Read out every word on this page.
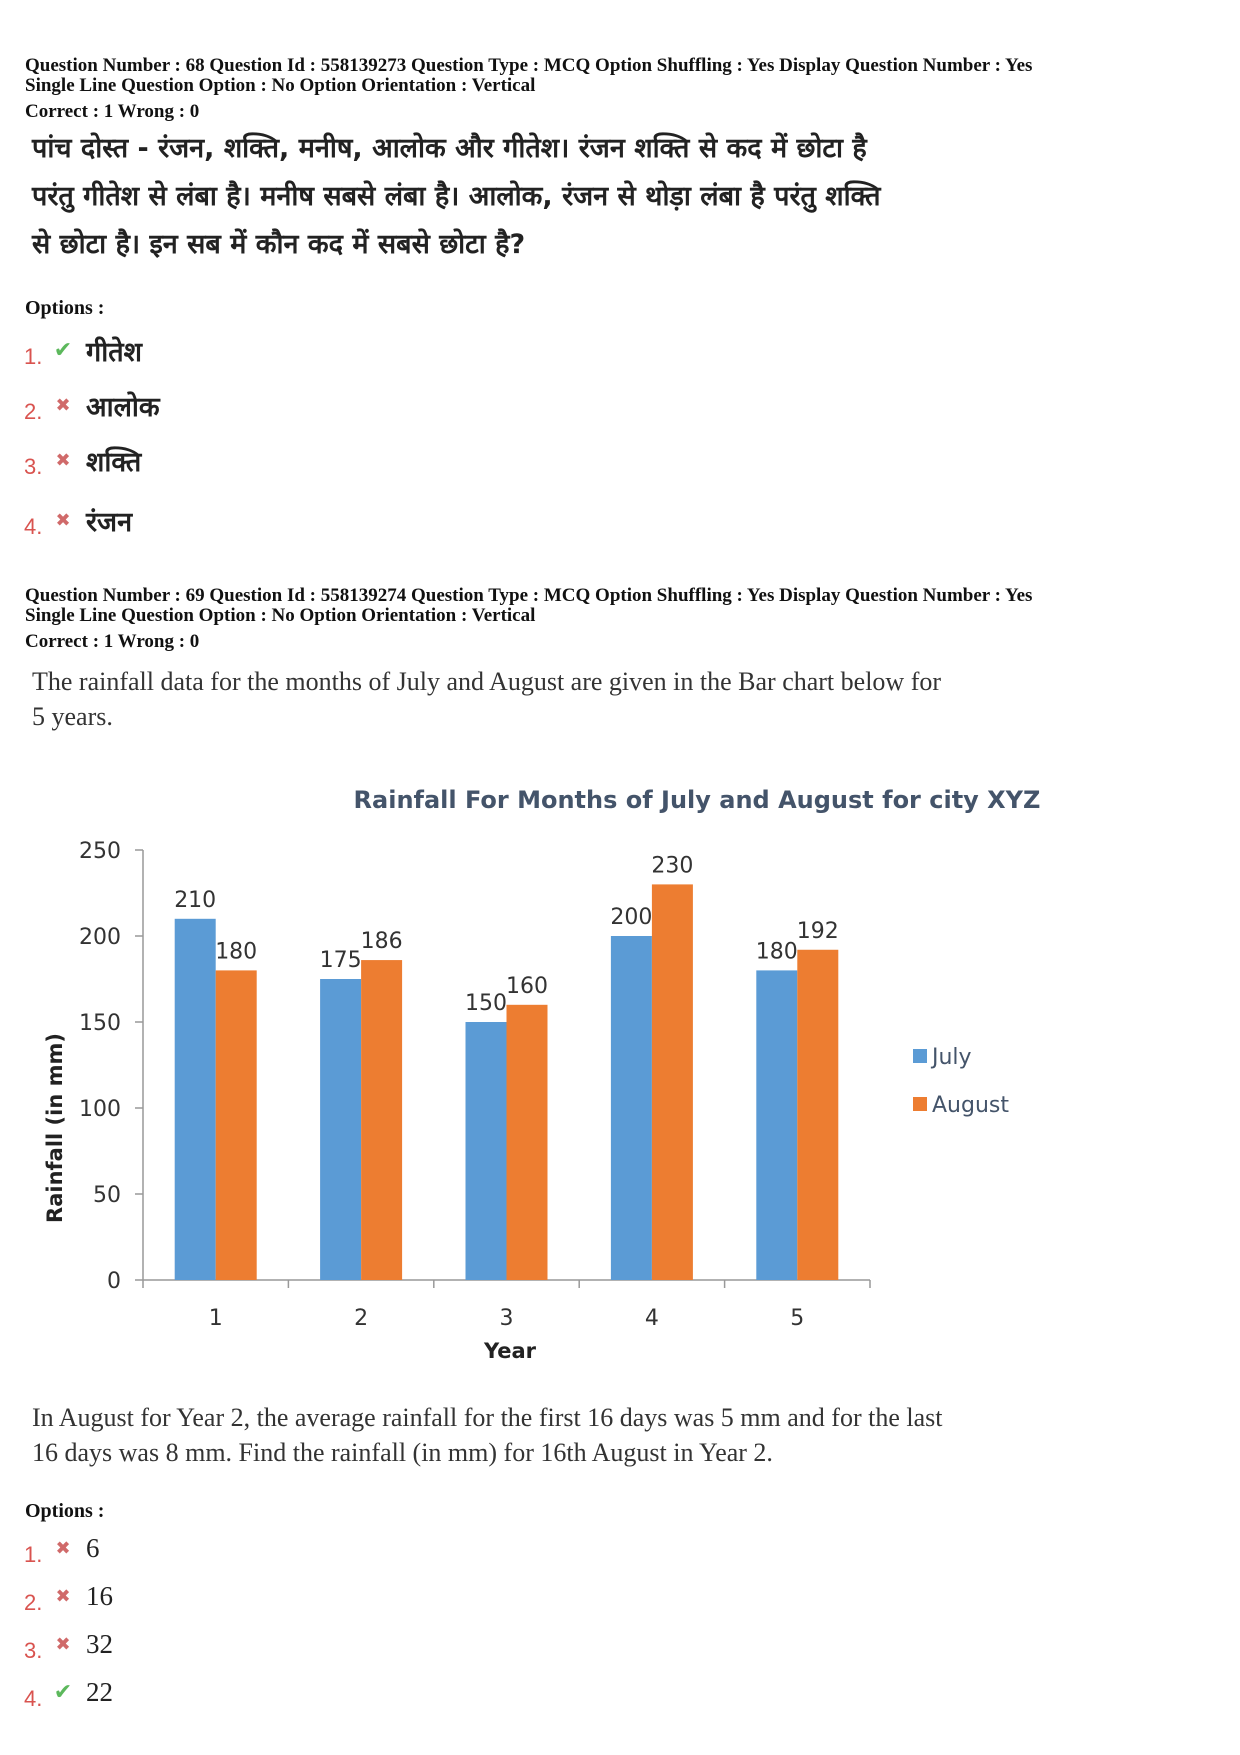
Question Number : 68 Question Id : 558139273 Question Type : MCQ Option Shuffling : Yes Display Question Number : Yes
Single Line Question Option : No Option Orientation : Vertical
Correct : 1 Wrong : 0
पांच दोस्त - रंजन, शक्ति, मनीष, आलोक और गीतेश। रंजन शक्ति से कद में छोटा है
परंतु गीतेश से लंबा है। मनीष सबसे लंबा है। आलोक, रंजन से थोड़ा लंबा है परंतु शक्ति
से छोटा है। इन सब में कौन कद में सबसे छोटा है?
Options :
1. ✔ गीतेश
2. ✖ आलोक
3. ✖ शक्ति
4. ✖ रंजन
Question Number : 69 Question Id : 558139274 Question Type : MCQ Option Shuffling : Yes Display Question Number : Yes
Single Line Question Option : No Option Orientation : Vertical
Correct : 1 Wrong : 0
The rainfall data for the months of July and August are given in the Bar chart below for
5 years.
Rainfall For Months of July and August for city XYZ
Rainfall (in mm)
Year
0
50
100
150
200
250
1	2	3	4	5
210
180	175
186
150
160
200
230
180
192
July
August
In August for Year 2, the average rainfall for the first 16 days was 5 mm and for the last
16 days was 8 mm. Find the rainfall (in mm) for 16th August in Year 2.
Options :
1. ✖ 6
2. ✖ 16
3. ✖ 32
4. ✔ 22
